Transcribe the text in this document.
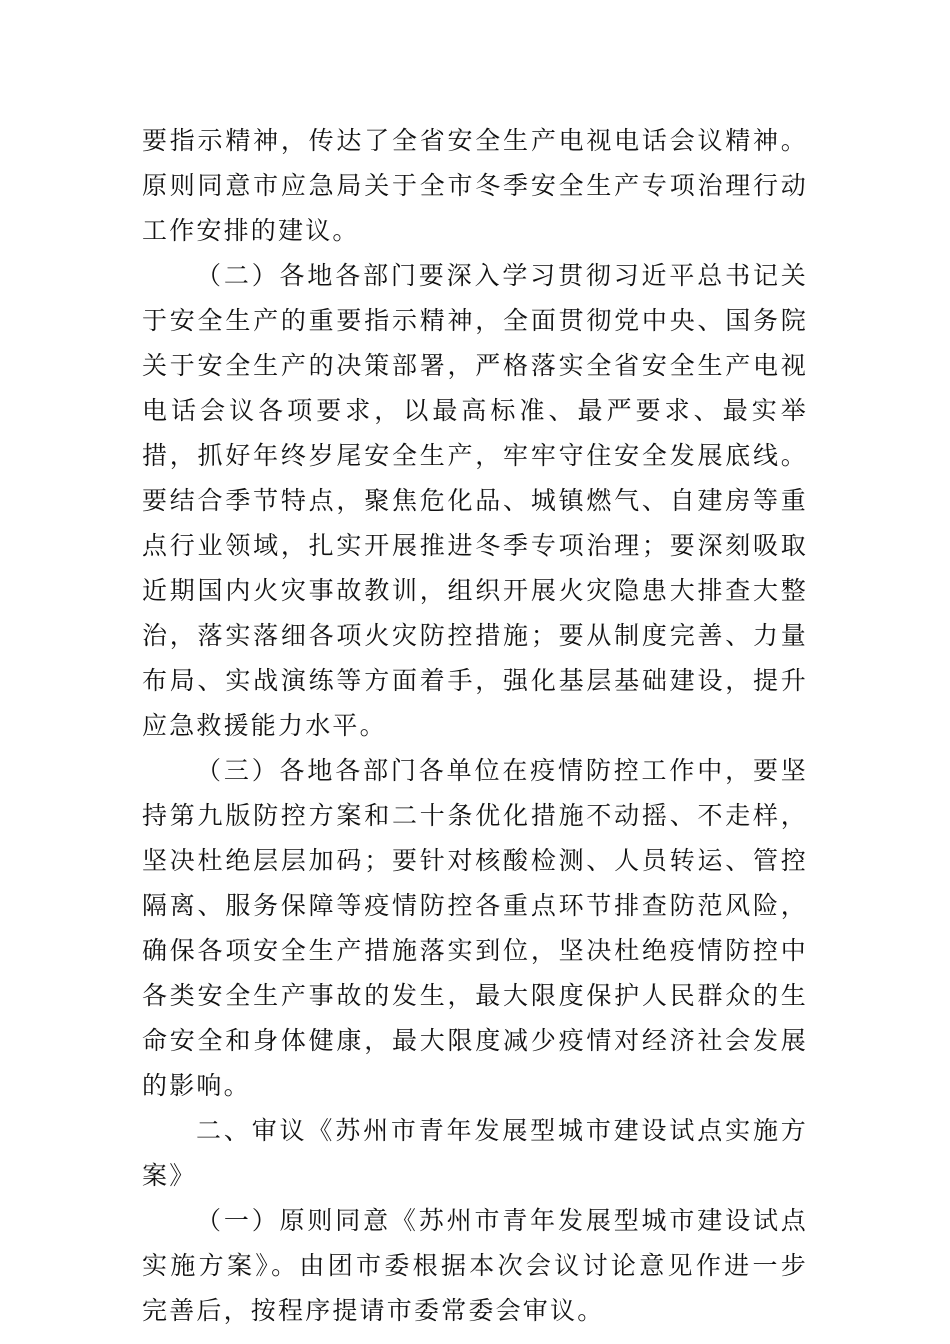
要指示精神，传达了全省安全生产电视电话会议精神。原则同意市应急局关于全市冬季安全生产专项治理行动工作安排的建议。

（二）各地各部门要深入学习贯彻习近平总书记关于安全生产的重要指示精神，全面贯彻党中央、国务院关于安全生产的决策部署，严格落实全省安全生产电视电话会议各项要求，以最高标准、最严要求、最实举措，抓好年终岁尾安全生产，牢牢守住安全发展底线。要结合季节特点，聚焦危化品、城镇燃气、自建房等重点行业领域，扎实开展推进冬季专项治理；要深刻吸取近期国内火灾事故教训，组织开展火灾隐患大排查大整治，落实落细各项火灾防控措施；要从制度完善、力量布局、实战演练等方面着手，强化基层基础建设，提升应急救援能力水平。

（三）各地各部门各单位在疫情防控工作中，要坚持第九版防控方案和二十条优化措施不动摇、不走样，坚决杜绝层层加码；要针对核酸检测、人员转运、管控隔离、服务保障等疫情防控各重点环节排查防范风险，确保各项安全生产措施落实到位，坚决杜绝疫情防控中各类安全生产事故的发生，最大限度保护人民群众的生命安全和身体健康，最大限度减少疫情对经济社会发展的影响。

二、审议《苏州市青年发展型城市建设试点实施方案》

（一）原则同意《苏州市青年发展型城市建设试点实施方案》。由团市委根据本次会议讨论意见作进一步完善后，按程序提请市委常委会审议。
